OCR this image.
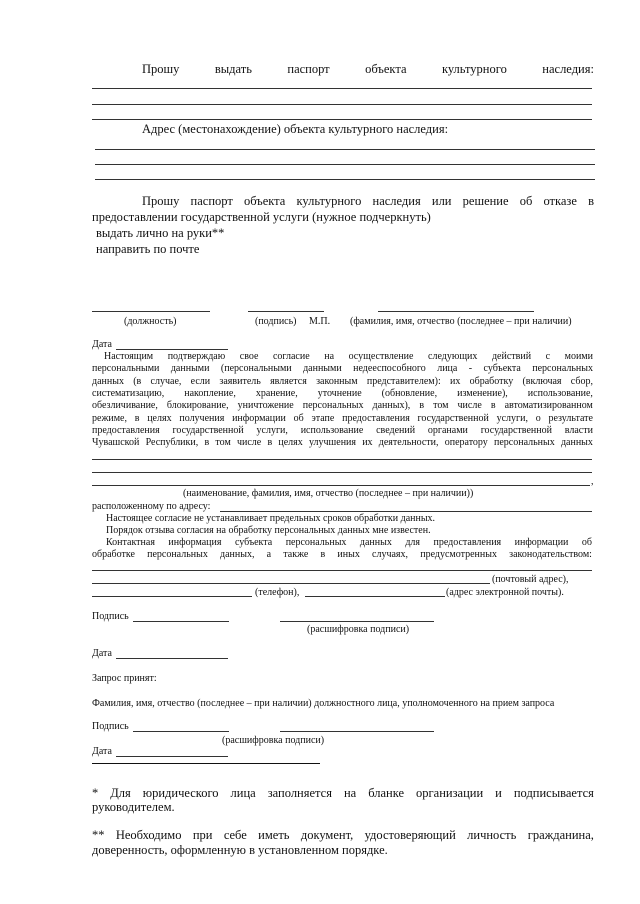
Прошу	выдать	паспорт	объекта	культурного	наследия:
Адрес (местонахождение) объекта культурного наследия:
Прошу паспорт объекта культурного наследия или решение об отказе в
предоставлении государственной услуги (нужное подчеркнуть)
выдать лично на руки**
направить по почте
(должность)	(подпись) М.П. (фамилия, имя, отчество (последнее – при наличии)
Дата
Настоящим подтверждаю свое согласие на осуществление следующих действий с моими
персональными данными (персональными данными недееспособного лица - субъекта персональных
данных (в случае, если заявитель является законным представителем): их обработку (включая сбор,
систематизацию, накопление, хранение, уточнение (обновление, изменение), использование,
обезличивание, блокирование, уничтожение персональных данных), в том числе в автоматизированном
режиме, в целях получения информации об этапе предоставления государственной услуги, о результате
предоставления государственной услуги, использование сведений органами государственной власти
Чувашской Республики, в том числе в целях улучшения их деятельности, оператору персональных данных
,
(наименование, фамилия, имя, отчество (последнее – при наличии))
расположенному по адресу:
Настоящее согласие не устанавливает предельных сроков обработки данных.
Порядок отзыва согласия на обработку персональных данных мне известен.
Контактная информация субъекта персональных данных для предоставления информации об
обработке персональных данных, а также в иных случаях, предусмотренных законодательством:
(почтовый адрес),
(телефон),	(адрес электронной почты).
Подпись
(расшифровка подписи)
Дата
Запрос принят:
Фамилия, имя, отчество (последнее – при наличии) должностного лица, уполномоченного на прием запроса
Подпись
(расшифровка подписи)
Дата
* Для юридического лица заполняется на бланке организации и подписывается
руководителем.
** Необходимо при себе иметь документ, удостоверяющий личность гражданина,
доверенность, оформленную в установленном порядке.
